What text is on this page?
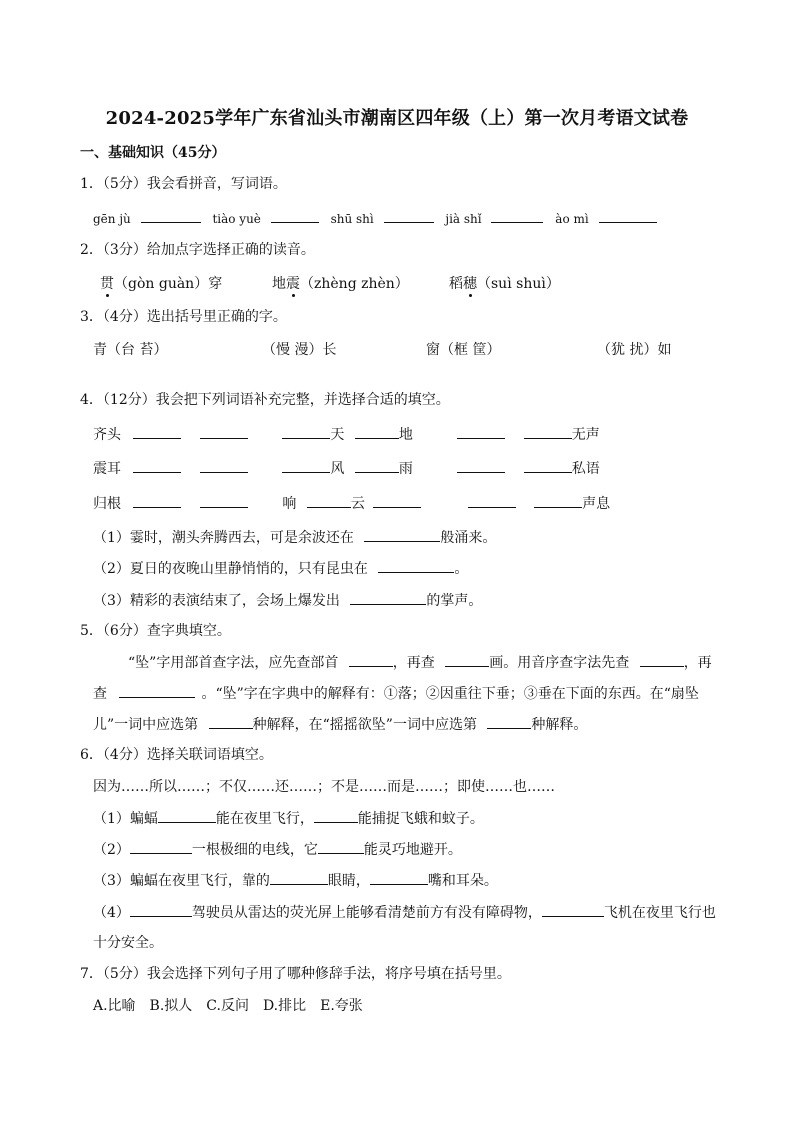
2024-2025学年广东省汕头市潮南区四年级（上）第一次月考语文试卷
一、基础知识（45分）
1．（5分）我会看拼音，写词语。
gēn jù	tiào yuè	shū shì	jià shǐ	ào mì
2．（3分）给加点字选择正确的读音。
贯（gòn guàn）穿	地震（zhèng zhèn）	稻穗（suì shuì）
3．（4分）选出括号里正确的字。
青（台 苔）	（慢 漫）长	窗（框 筐）	（犹 扰）如
4．（12分）我会把下列词语补充完整，并选择合适的填空。
齐头	天	地	无声
震耳	风	雨	私语
归根	响	云	声息
（1）霎时，潮头奔腾西去，可是余波还在	般涌来。
（2）夏日的夜晚山里静悄悄的，只有昆虫在	。
（3）精彩的表演结束了，会场上爆发出	的掌声。
5．（6分）查字典填空。
“坠”字用部首查字法，应先查部首	，再查	画。用音序查字法先查	，再
查	。“坠”字在字典中的解释有：①落；②因重往下垂；③垂在下面的东西。在“扇坠
儿”一词中应选第	种解释，在“摇摇欲坠”一词中应选第	种解释。
6．（4分）选择关联词语填空。
因为……所以……；不仅……还……；不是……而是……；即使……也……
（1）蝙蝠	能在夜里飞行，	能捕捉飞蛾和蚊子。
（2）	一根极细的电线，它	能灵巧地避开。
（3）蝙蝠在夜里飞行，靠的	眼睛，	嘴和耳朵。
（4）	驾驶员从雷达的荧光屏上能够看清楚前方有没有障碍物，	飞机在夜里飞行也
十分安全。
7．（5分）我会选择下列句子用了哪种修辞手法，将序号填在括号里。
A.比喻　B.拟人　C.反问　D.排比　E.夸张
